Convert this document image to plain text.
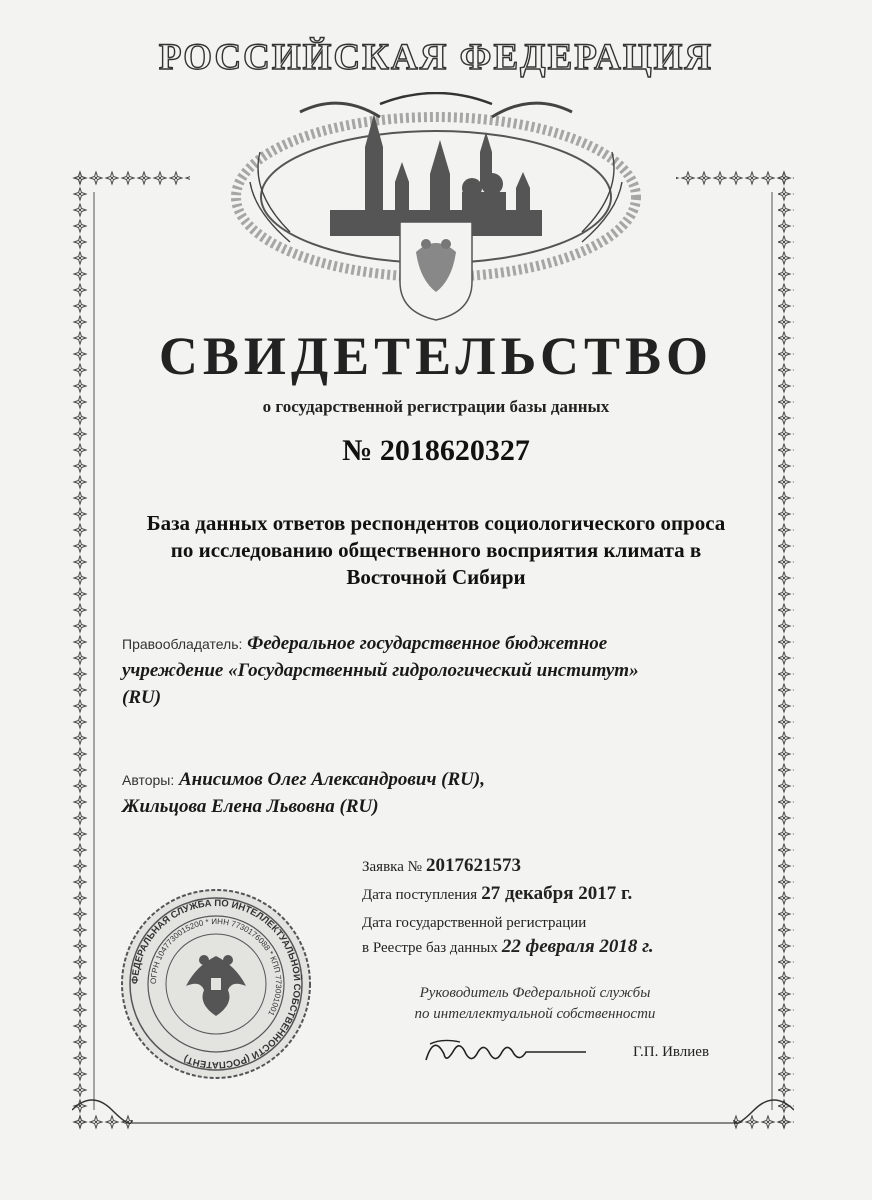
РОССИЙСКАЯ ФЕДЕРАЦИЯ
СВИДЕТЕЛЬСТВО
о государственной регистрации базы данных
№ 2018620327
База данных ответов респондентов социологического опроса
по исследованию общественного восприятия климата в
Восточной Сибири
Правообладатель: Федеральное государственное бюджетное
учреждение «Государственный гидрологический институт»
(RU)
Авторы: Анисимов Олег Александрович (RU),
Жильцова Елена Львовна (RU)
Заявка № 2017621573
Дата поступления 27 декабря 2017 г.
Дата государственной регистрации
в Реестре баз данных 22 февраля 2018 г.
Руководитель Федеральной службы
по интеллектуальной собственности
Г.П. Ивлиев
ФЕДЕРАЛЬНАЯ СЛУЖБА ПО ИНТЕЛЛЕКТУАЛЬНОЙ СОБСТВЕННОСТИ (РОСПАТЕНТ)
ОГРН 1047730015200 * ИНН 7730176088 * КПП 773001001
